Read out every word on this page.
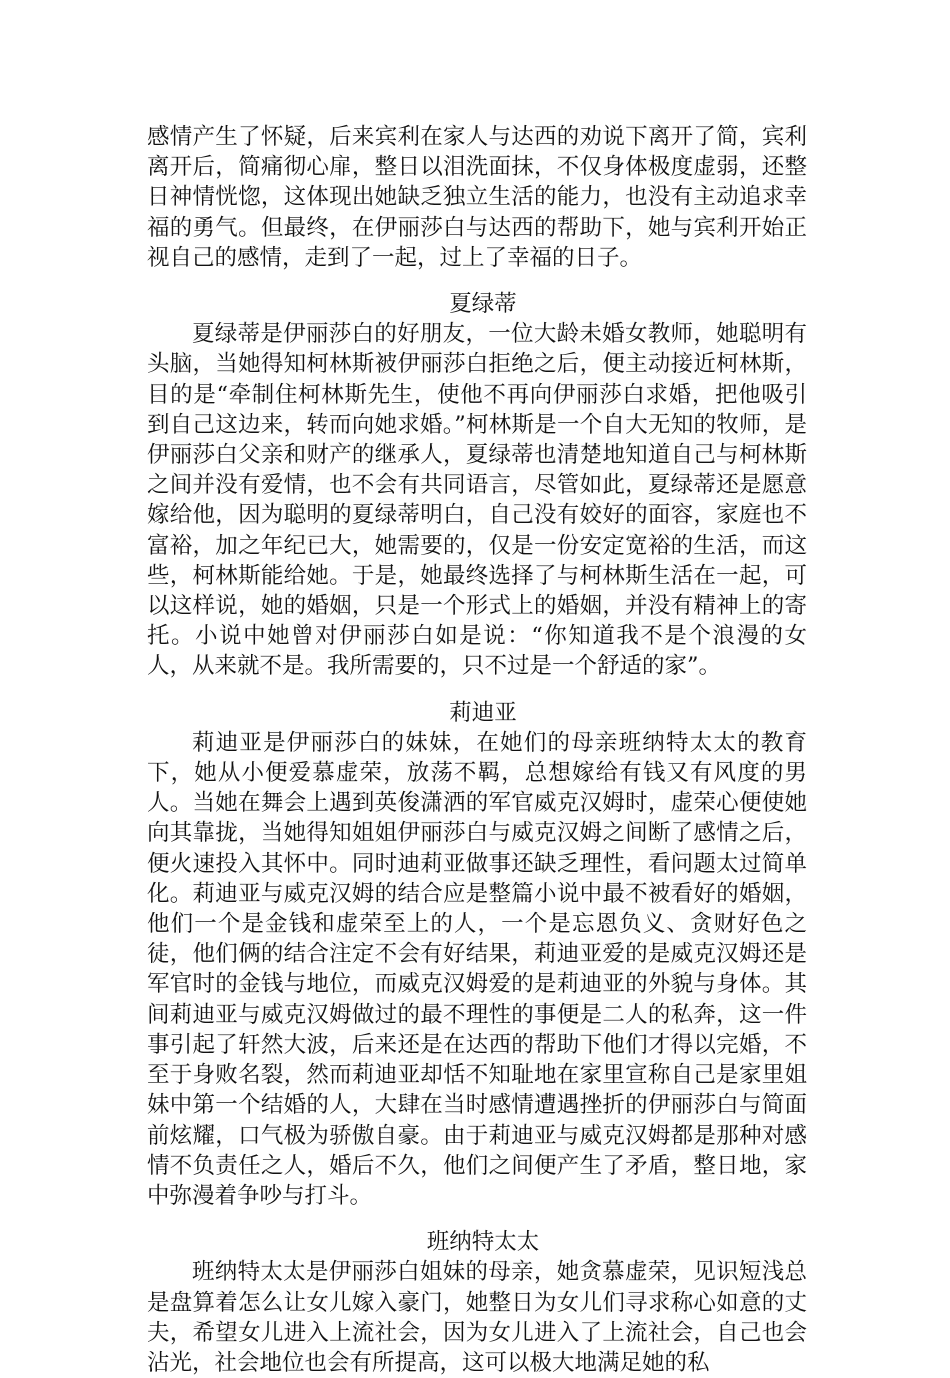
感情产生了怀疑，后来宾利在家人与达西的劝说下离开了简，宾利离开后，简痛彻心扉，整日以泪洗面抹，不仅身体极度虚弱，还整日神情恍惚，这体现出她缺乏独立生活的能力，也没有主动追求幸福的勇气。但最终，在伊丽莎白与达西的帮助下，她与宾利开始正视自己的感情，走到了一起，过上了幸福的日子。

夏绿蒂

夏绿蒂是伊丽莎白的好朋友，一位大龄未婚女教师，她聪明有头脑，当她得知柯林斯被伊丽莎白拒绝之后，便主动接近柯林斯，目的是“牵制住柯林斯先生，使他不再向伊丽莎白求婚，把他吸引到自己这边来，转而向她求婚。”柯林斯是一个自大无知的牧师，是伊丽莎白父亲和财产的继承人，夏绿蒂也清楚地知道自己与柯林斯之间并没有爱情，也不会有共同语言，尽管如此，夏绿蒂还是愿意嫁给他，因为聪明的夏绿蒂明白，自己没有姣好的面容，家庭也不富裕，加之年纪已大，她需要的，仅是一份安定宽裕的生活，而这些，柯林斯能给她。于是，她最终选择了与柯林斯生活在一起，可以这样说，她的婚姻，只是一个形式上的婚姻，并没有精神上的寄托。小说中她曾对伊丽莎白如是说：“你知道我不是个浪漫的女人，从来就不是。我所需要的，只不过是一个舒适的家”。

莉迪亚

莉迪亚是伊丽莎白的妹妹，在她们的母亲班纳特太太的教育下，她从小便爱慕虚荣，放荡不羁，总想嫁给有钱又有风度的男人。当她在舞会上遇到英俊潇洒的军官威克汉姆时，虚荣心便使她向其靠拢，当她得知姐姐伊丽莎白与威克汉姆之间断了感情之后，便火速投入其怀中。同时迪莉亚做事还缺乏理性，看问题太过简单化。莉迪亚与威克汉姆的结合应是整篇小说中最不被看好的婚姻，他们一个是金钱和虚荣至上的人，一个是忘恩负义、贪财好色之徒，他们俩的结合注定不会有好结果，莉迪亚爱的是威克汉姆还是军官时的金钱与地位，而威克汉姆爱的是莉迪亚的外貌与身体。其间莉迪亚与威克汉姆做过的最不理性的事便是二人的私奔，这一件事引起了轩然大波，后来还是在达西的帮助下他们才得以完婚，不至于身败名裂，然而莉迪亚却恬不知耻地在家里宣称自己是家里姐妹中第一个结婚的人，大肆在当时感情遭遇挫折的伊丽莎白与简面前炫耀，口气极为骄傲自豪。由于莉迪亚与威克汉姆都是那种对感情不负责任之人，婚后不久，他们之间便产生了矛盾，整日地，家中弥漫着争吵与打斗。

班纳特太太

班纳特太太是伊丽莎白姐妹的母亲，她贪慕虚荣，见识短浅总是盘算着怎么让女儿嫁入豪门，她整日为女儿们寻求称心如意的丈夫，希望女儿进入上流社会，因为女儿进入了上流社会，自己也会沾光，社会地位也会有所提高，这可以极大地满足她的私
